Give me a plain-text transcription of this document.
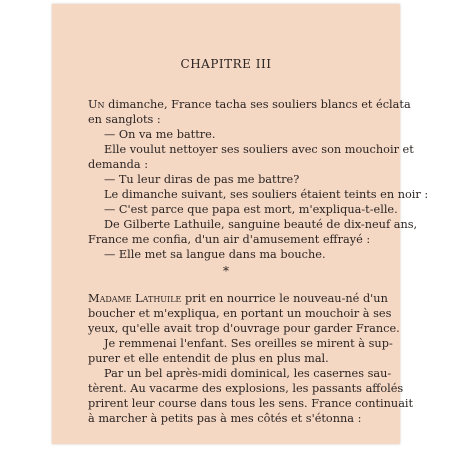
CHAPITRE III
Un dimanche, France tacha ses souliers blancs et éclata
en sanglots :
— On va me battre.
Elle voulut nettoyer ses souliers avec son mouchoir et
demanda :
— Tu leur diras de pas me battre?
Le dimanche suivant, ses souliers étaient teints en noir :
— C'est parce que papa est mort, m'expliqua-t-elle.
De Gilberte Lathuile, sanguine beauté de dix-neuf ans,
France me confia, d'un air d'amusement effrayé :
— Elle met sa langue dans ma bouche.
*
Madame Lathuile prit en nourrice le nouveau-né d'un
boucher et m'expliqua, en portant un mouchoir à ses
yeux, qu'elle avait trop d'ouvrage pour garder France.
Je remmenai l'enfant. Ses oreilles se mirent à sup-
purer et elle entendit de plus en plus mal.
Par un bel après-midi dominical, les casernes sau-
tèrent. Au vacarme des explosions, les passants affolés
prirent leur course dans tous les sens. France continuait
à marcher à petits pas à mes côtés et s'étonna :
